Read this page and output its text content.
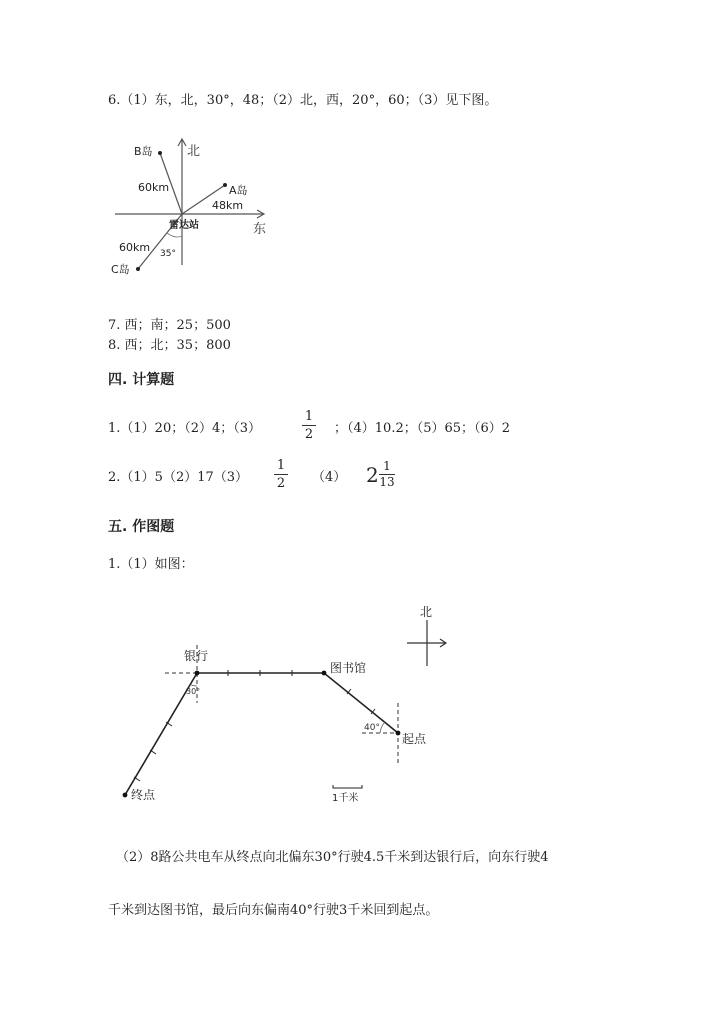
6.（1）东，北，30°，48；（2）北，西，20°，60；（3）见下图。
北
东
雷达站
B岛
A岛
C岛
60km
48km
60km 35°
7. 西；南；25；500
8. 西；北；35；800
四. 计算题
1.（1）20；（2）4；（3）
1
2 ；（4）10.2；（5）65；（6）2
2.（1）5（2）17（3）
1
2 （4） 2 1
13
五. 作图题
1.（1）如图：
北
银行
图书馆
起点
终点
30°
40°
1千米
（2）8路公共电车从终点向北偏东30°行驶4.5千米到达银行后，向东行驶4
千米到达图书馆，最后向东偏南40°行驶3千米回到起点。
